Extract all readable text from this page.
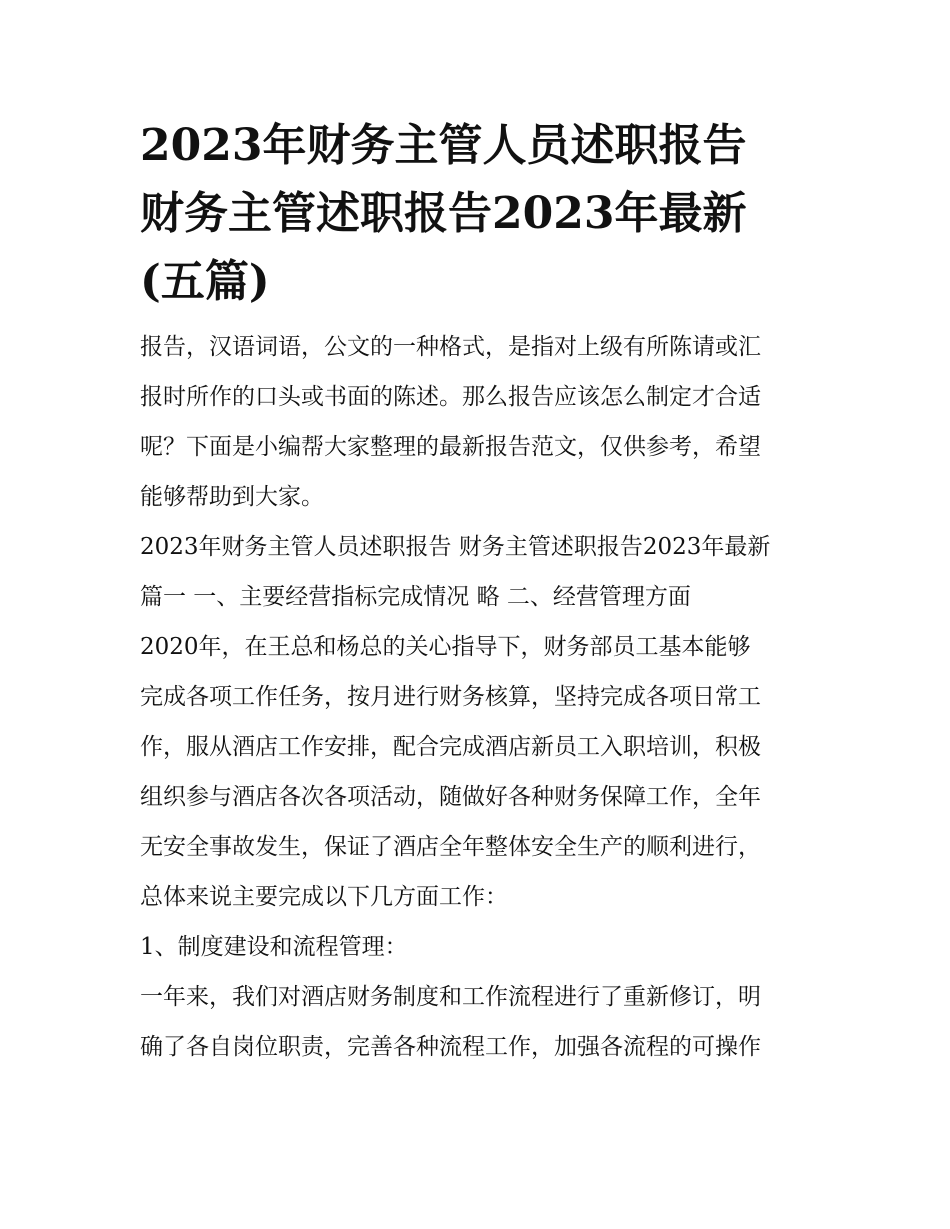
2023年财务主管人员述职报告
财务主管述职报告2023年最新
(五篇)
报告，汉语词语，公文的一种格式，是指对上级有所陈请或汇
报时所作的口头或书面的陈述。那么报告应该怎么制定才合适
呢？下面是小编帮大家整理的最新报告范文，仅供参考，希望
能够帮助到大家。
2023年财务主管人员述职报告 财务主管述职报告2023年最新
篇一 一、主要经营指标完成情况 略 二、经营管理方面
2020年，在王总和杨总的关心指导下，财务部员工基本能够
完成各项工作任务，按月进行财务核算，坚持完成各项日常工
作，服从酒店工作安排，配合完成酒店新员工入职培训，积极
组织参与酒店各次各项活动，随做好各种财务保障工作，全年
无安全事故发生，保证了酒店全年整体安全生产的顺利进行，
总体来说主要完成以下几方面工作：
1、制度建设和流程管理：
一年来，我们对酒店财务制度和工作流程进行了重新修订，明
确了各自岗位职责，完善各种流程工作，加强各流程的可操作
